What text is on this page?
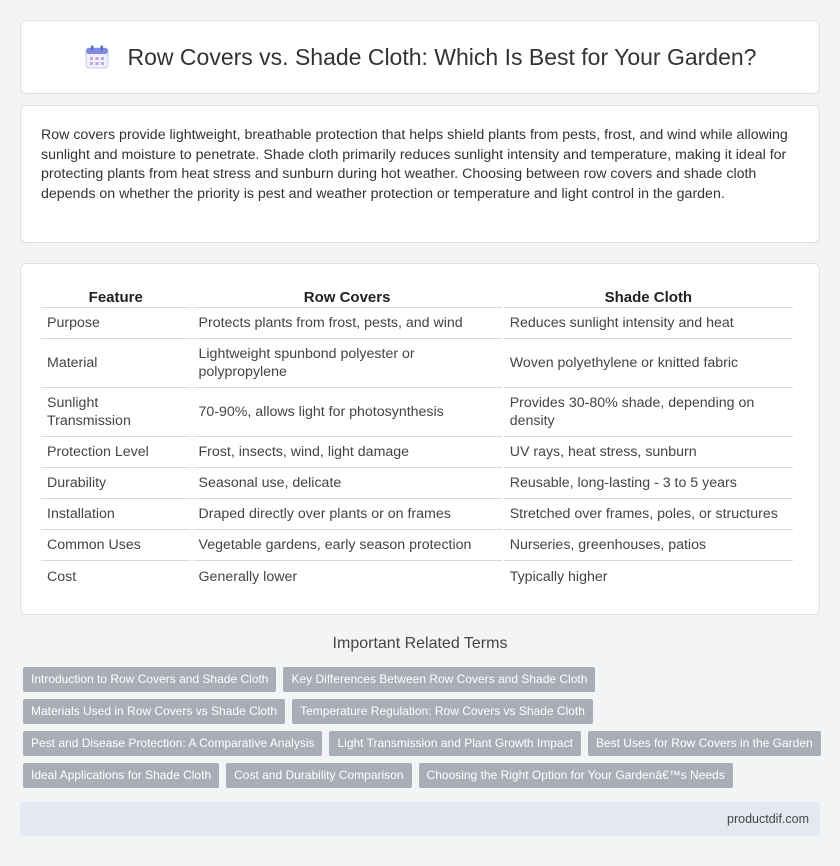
Row Covers vs. Shade Cloth: Which Is Best for Your Garden?

Row covers provide lightweight, breathable protection that helps shield plants from pests, frost, and wind while allowing sunlight and moisture to penetrate. Shade cloth primarily reduces sunlight intensity and temperature, making it ideal for protecting plants from heat stress and sunburn during hot weather. Choosing between row covers and shade cloth depends on whether the priority is pest and weather protection or temperature and light control in the garden.

Feature	Row Covers	Shade Cloth
Purpose	Protects plants from frost, pests, and wind	Reduces sunlight intensity and heat
Material	Lightweight spunbond polyester or polypropylene	Woven polyethylene or knitted fabric
Sunlight Transmission	70-90%, allows light for photosynthesis	Provides 30-80% shade, depending on density
Protection Level	Frost, insects, wind, light damage	UV rays, heat stress, sunburn
Durability	Seasonal use, delicate	Reusable, long-lasting - 3 to 5 years
Installation	Draped directly over plants or on frames	Stretched over frames, poles, or structures
Common Uses	Vegetable gardens, early season protection	Nurseries, greenhouses, patios
Cost	Generally lower	Typically higher
Important Related Terms
Introduction to Row Covers and Shade Cloth	Key Differences Between Row Covers and Shade Cloth
Materials Used in Row Covers vs Shade Cloth	Temperature Regulation: Row Covers vs Shade Cloth
Pest and Disease Protection: A Comparative Analysis	Light Transmission and Plant Growth Impact	Best Uses for Row Covers in the Garden
Ideal Applications for Shade Cloth	Cost and Durability Comparison	Choosing the Right Option for Your Gardenâ€™s Needs
productdif.com
